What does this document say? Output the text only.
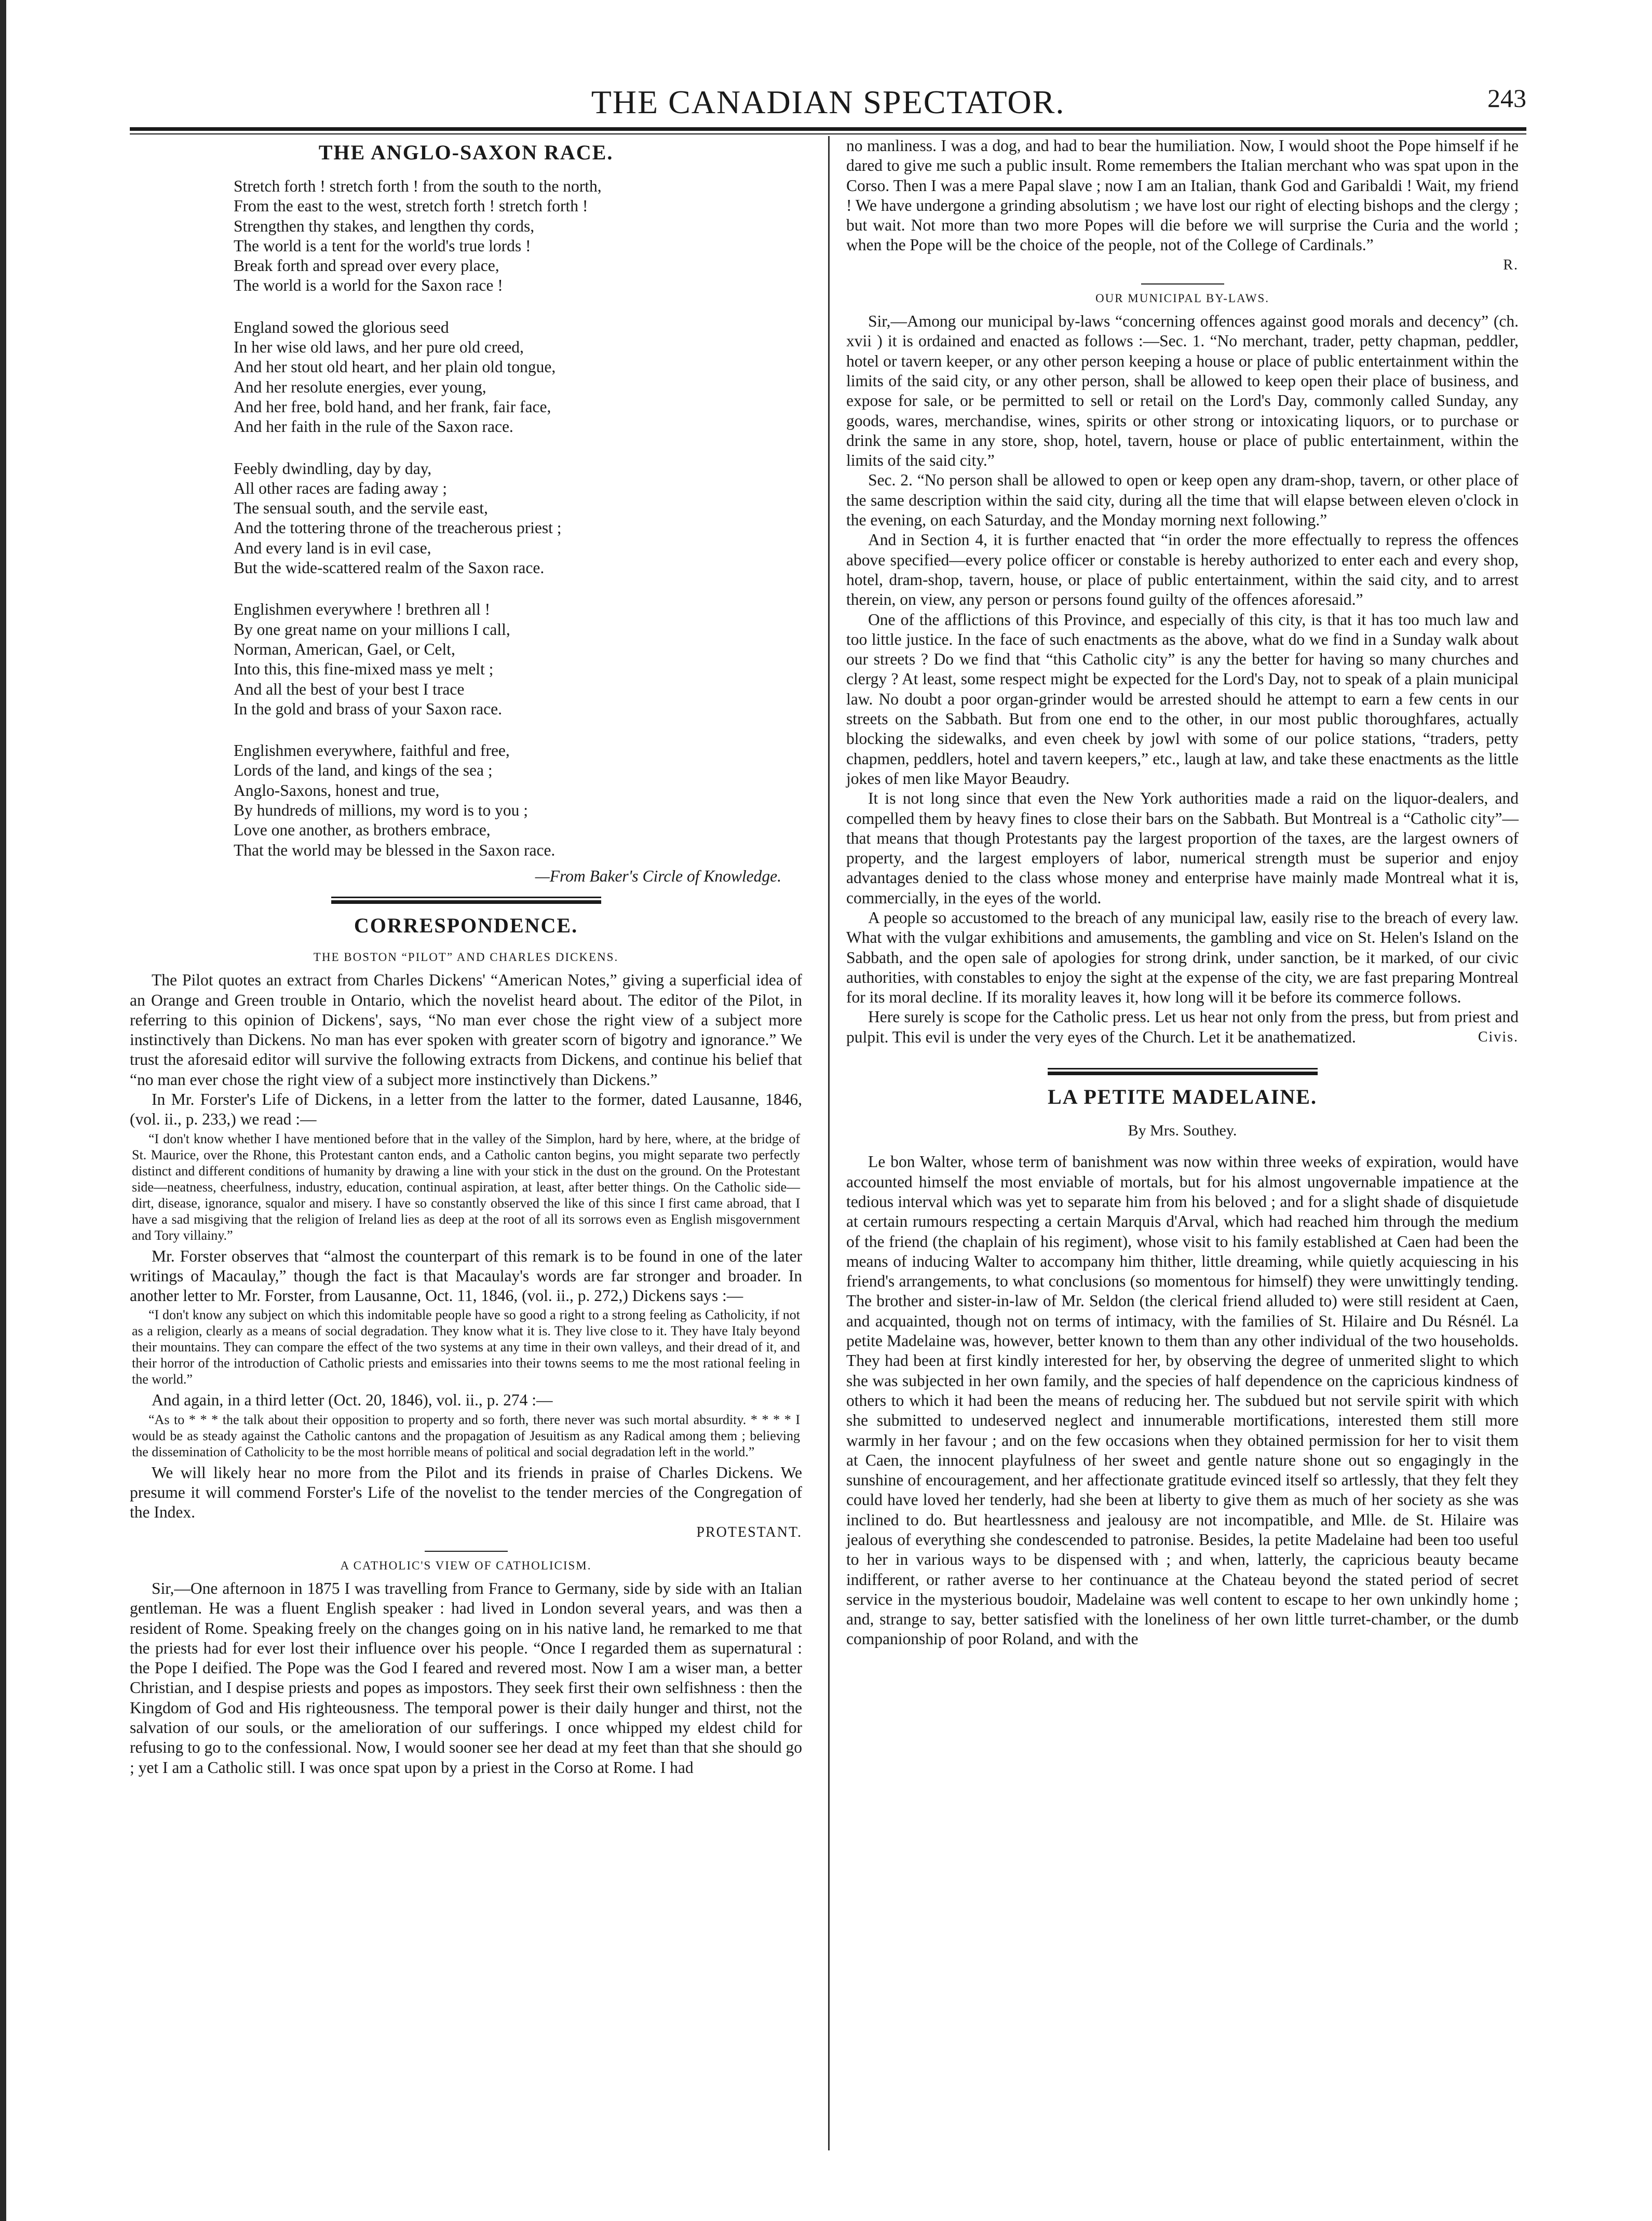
THE CANADIAN SPECTATOR.	243
THE ANGLO-SAXON RACE.
Stretch forth ! stretch forth ! from the south to the north,
From the east to the west, stretch forth ! stretch forth !
Strengthen thy stakes, and lengthen thy cords,
The world is a tent for the world's true lords !
Break forth and spread over every place,
The world is a world for the Saxon race !
England sowed the glorious seed
In her wise old laws, and her pure old creed,
And her stout old heart, and her plain old tongue,
And her resolute energies, ever young,
And her free, bold hand, and her frank, fair face,
And her faith in the rule of the Saxon race.
Feebly dwindling, day by day,
All other races are fading away ;
The sensual south, and the servile east,
And the tottering throne of the treacherous priest ;
And every land is in evil case,
But the wide-scattered realm of the Saxon race.
Englishmen everywhere ! brethren all !
By one great name on your millions I call,
Norman, American, Gael, or Celt,
Into this, this fine-mixed mass ye melt ;
And all the best of your best I trace
In the gold and brass of your Saxon race.
Englishmen everywhere, faithful and free,
Lords of the land, and kings of the sea ;
Anglo-Saxons, honest and true,
By hundreds of millions, my word is to you ;
Love one another, as brothers embrace,
That the world may be blessed in the Saxon race.
—From Baker's Circle of Knowledge.
CORRESPONDENCE.
THE BOSTON “PILOT” AND CHARLES DICKENS.

The Pilot quotes an extract from Charles Dickens' “American Notes,” giving a superficial idea of an Orange and Green trouble in Ontario, which the novelist heard about. The editor of the Pilot, in referring to this opinion of Dickens', says, “No man ever chose the right view of a subject more instinctively than Dickens. No man has ever spoken with greater scorn of bigotry and ignorance.” We trust the aforesaid editor will survive the following extracts from Dickens, and continue his belief that “no man ever chose the right view of a subject more instinctively than Dickens.”

In Mr. Forster's Life of Dickens, in a letter from the latter to the former, dated Lausanne, 1846, (vol. ii., p. 233,) we read :—

“I don't know whether I have mentioned before that in the valley of the Simplon, hard by here, where, at the bridge of St. Maurice, over the Rhone, this Protestant canton ends, and a Catholic canton begins, you might separate two perfectly distinct and different conditions of humanity by drawing a line with your stick in the dust on the ground. On the Protestant side—neatness, cheerfulness, industry, education, continual aspiration, at least, after better things. On the Catholic side—dirt, disease, ignorance, squalor and misery. I have so constantly observed the like of this since I first came abroad, that I have a sad misgiving that the religion of Ireland lies as deep at the root of all its sorrows even as English misgovernment and Tory villainy.”

Mr. Forster observes that “almost the counterpart of this remark is to be found in one of the later writings of Macaulay,” though the fact is that Macaulay's words are far stronger and broader. In another letter to Mr. Forster, from Lausanne, Oct. 11, 1846, (vol. ii., p. 272,) Dickens says :—

“I don't know any subject on which this indomitable people have so good a right to a strong feeling as Catholicity, if not as a religion, clearly as a means of social degradation. They know what it is. They live close to it. They have Italy beyond their mountains. They can compare the effect of the two systems at any time in their own valleys, and their dread of it, and their horror of the introduction of Catholic priests and emissaries into their towns seems to me the most rational feeling in the world.”

And again, in a third letter (Oct. 20, 1846), vol. ii., p. 274 :—

“As to * * * the talk about their opposition to property and so forth, there never was such mortal absurdity. * * * * I would be as steady against the Catholic cantons and the propagation of Jesuitism as any Radical among them ; believing the dissemination of Catholicity to be the most horrible means of political and social degradation left in the world.”

We will likely hear no more from the Pilot and its friends in praise of Charles Dickens. We presume it will commend Forster's Life of the novelist to the tender mercies of the Congregation of the Index.

PROTESTANT.
A CATHOLIC'S VIEW OF CATHOLICISM.

Sir,—One afternoon in 1875 I was travelling from France to Germany, side by side with an Italian gentleman. He was a fluent English speaker : had lived in London several years, and was then a resident of Rome. Speaking freely on the changes going on in his native land, he remarked to me that the priests had for ever lost their influence over his people. “Once I regarded them as supernatural : the Pope I deified. The Pope was the God I feared and revered most. Now I am a wiser man, a better Christian, and I despise priests and popes as impostors. They seek first their own selfishness : then the Kingdom of God and His righteousness. The temporal power is their daily hunger and thirst, not the salvation of our souls, or the amelioration of our sufferings. I once whipped my eldest child for refusing to go to the confessional. Now, I would sooner see her dead at my feet than that she should go ; yet I am a Catholic still. I was once spat upon by a priest in the Corso at Rome. I had

no manliness. I was a dog, and had to bear the humiliation. Now, I would shoot the Pope himself if he dared to give me such a public insult. Rome remembers the Italian merchant who was spat upon in the Corso. Then I was a mere Papal slave ; now I am an Italian, thank God and Garibaldi ! Wait, my friend ! We have undergone a grinding absolutism ; we have lost our right of electing bishops and the clergy ; but wait. Not more than two more Popes will die before we will surprise the Curia and the world ; when the Pope will be the choice of the people, not of the College of Cardinals.”

R.
OUR MUNICIPAL BY-LAWS.

Sir,—Among our municipal by-laws “concerning offences against good morals and decency” (ch. xvii ) it is ordained and enacted as follows :—Sec. 1. “No merchant, trader, petty chapman, peddler, hotel or tavern keeper, or any other person keeping a house or place of public entertainment within the limits of the said city, or any other person, shall be allowed to keep open their place of business, and expose for sale, or be permitted to sell or retail on the Lord's Day, commonly called Sunday, any goods, wares, merchandise, wines, spirits or other strong or intoxicating liquors, or to purchase or drink the same in any store, shop, hotel, tavern, house or place of public entertainment, within the limits of the said city.”

Sec. 2. “No person shall be allowed to open or keep open any dram-shop, tavern, or other place of the same description within the said city, during all the time that will elapse between eleven o'clock in the evening, on each Saturday, and the Monday morning next following.”

And in Section 4, it is further enacted that “in order the more effectually to repress the offences above specified—every police officer or constable is hereby authorized to enter each and every shop, hotel, dram-shop, tavern, house, or place of public entertainment, within the said city, and to arrest therein, on view, any person or persons found guilty of the offences aforesaid.”

One of the afflictions of this Province, and especially of this city, is that it has too much law and too little justice. In the face of such enactments as the above, what do we find in a Sunday walk about our streets ? Do we find that “this Catholic city” is any the better for having so many churches and clergy ? At least, some respect might be expected for the Lord's Day, not to speak of a plain municipal law. No doubt a poor organ-grinder would be arrested should he attempt to earn a few cents in our streets on the Sabbath. But from one end to the other, in our most public thoroughfares, actually blocking the sidewalks, and even cheek by jowl with some of our police stations, “traders, petty chapmen, peddlers, hotel and tavern keepers,” etc., laugh at law, and take these enactments as the little jokes of men like Mayor Beaudry.

It is not long since that even the New York authorities made a raid on the liquor-dealers, and compelled them by heavy fines to close their bars on the Sabbath. But Montreal is a “Catholic city”—that means that though Protestants pay the largest proportion of the taxes, are the largest owners of property, and the largest employers of labor, numerical strength must be superior and enjoy advantages denied to the class whose money and enterprise have mainly made Montreal what it is, commercially, in the eyes of the world.

A people so accustomed to the breach of any municipal law, easily rise to the breach of every law. What with the vulgar exhibitions and amusements, the gambling and vice on St. Helen's Island on the Sabbath, and the open sale of apologies for strong drink, under sanction, be it marked, of our civic authorities, with constables to enjoy the sight at the expense of the city, we are fast preparing Montreal for its moral decline. If its morality leaves it, how long will it be before its commerce follows.

Here surely is scope for the Catholic press. Let us hear not only from the press, but from priest and pulpit. This evil is under the very eyes of the Church. Let it be anathematized.	Civis.

LA PETITE MADELAINE.
By Mrs. Southey.

Le bon Walter, whose term of banishment was now within three weeks of expiration, would have accounted himself the most enviable of mortals, but for his almost ungovernable impatience at the tedious interval which was yet to separate him from his beloved ; and for a slight shade of disquietude at certain rumours respecting a certain Marquis d'Arval, which had reached him through the medium of the friend (the chaplain of his regiment), whose visit to his family established at Caen had been the means of inducing Walter to accompany him thither, little dreaming, while quietly acquiescing in his friend's arrangements, to what conclusions (so momentous for himself) they were unwittingly tending. The brother and sister-in-law of Mr. Seldon (the clerical friend alluded to) were still resident at Caen, and acquainted, though not on terms of intimacy, with the families of St. Hilaire and Du Résnél. La petite Madelaine was, however, better known to them than any other individual of the two households. They had been at first kindly interested for her, by observing the degree of unmerited slight to which she was subjected in her own family, and the species of half dependence on the capricious kindness of others to which it had been the means of reducing her. The subdued but not servile spirit with which she submitted to undeserved neglect and innumerable mortifications, interested them still more warmly in her favour ; and on the few occasions when they obtained permission for her to visit them at Caen, the innocent playfulness of her sweet and gentle nature shone out so engagingly in the sunshine of encouragement, and her affectionate gratitude evinced itself so artlessly, that they felt they could have loved her tenderly, had she been at liberty to give them as much of her society as she was inclined to do. But heartlessness and jealousy are not incompatible, and Mlle. de St. Hilaire was jealous of everything she condescended to patronise. Besides, la petite Madelaine had been too useful to her in various ways to be dispensed with ; and when, latterly, the capricious beauty became indifferent, or rather averse to her continuance at the Chateau beyond the stated period of secret service in the mysterious boudoir, Madelaine was well content to escape to her own unkindly home ; and, strange to say, better satisfied with the loneliness of her own little turret-chamber, or the dumb companionship of poor Roland, and with the
